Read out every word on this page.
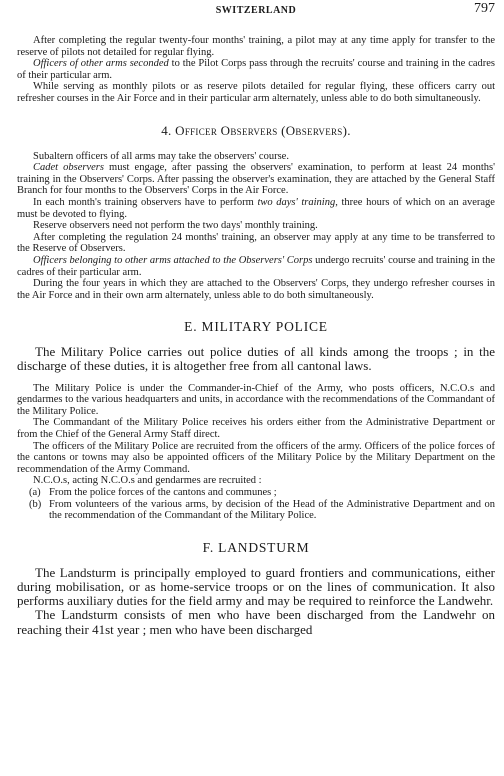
SWITZERLAND	797

After completing the regular twenty-four months' training, a pilot may at any time apply for transfer to the reserve of pilots not detailed for regular flying.

Officers of other arms seconded to the Pilot Corps pass through the recruits' course and training in the cadres of their particular arm.

While serving as monthly pilots or as reserve pilots detailed for regular flying, these officers carry out refresher courses in the Air Force and in their particular arm alternately, unless able to do both simultaneously.

4. Officer Observers (Observers).

Subaltern officers of all arms may take the observers' course.

Cadet observers must engage, after passing the observers' examination, to perform at least 24 months' training in the Observers' Corps. After passing the observer's examination, they are attached by the General Staff Branch for four months to the Observers' Corps in the Air Force.

In each month's training observers have to perform two days' training, three hours of which on an average must be devoted to flying.

Reserve observers need not perform the two days' monthly training.

After completing the regulation 24 months' training, an observer may apply at any time to be transferred to the Reserve of Observers.

Officers belonging to other arms attached to the Observers' Corps undergo recruits' course and training in the cadres of their particular arm.

During the four years in which they are attached to the Observers' Corps, they undergo refresher courses in the Air Force and in their own arm alternately, unless able to do both simultaneously.

E. MILITARY POLICE

The Military Police carries out police duties of all kinds among the troops ; in the discharge of these duties, it is altogether free from all cantonal laws.

The Military Police is under the Commander-in-Chief of the Army, who posts officers, N.C.O.s and gendarmes to the various headquarters and units, in accordance with the recommendations of the Commandant of the Military Police.

The Commandant of the Military Police receives his orders either from the Administrative Department or from the Chief of the General Army Staff direct.

The officers of the Military Police are recruited from the officers of the army. Officers of the police forces of the cantons or towns may also be appointed officers of the Military Police by the Military Department on the recommendation of the Army Command.

N.C.O.s, acting N.C.O.s and gendarmes are recruited :

(a) From the police forces of the cantons and communes ;
(b) From volunteers of the various arms, by decision of the Head of the Administrative Department and on the recommendation of the Commandant of the Military Police.
F. LANDSTURM

The Landsturm is principally employed to guard frontiers and communications, either during mobilisation, or as home-service troops or on the lines of communication. It also performs auxiliary duties for the field army and may be required to reinforce the Landwehr.

The Landsturm consists of men who have been discharged from the Landwehr on reaching their 41st year ; men who have been discharged
